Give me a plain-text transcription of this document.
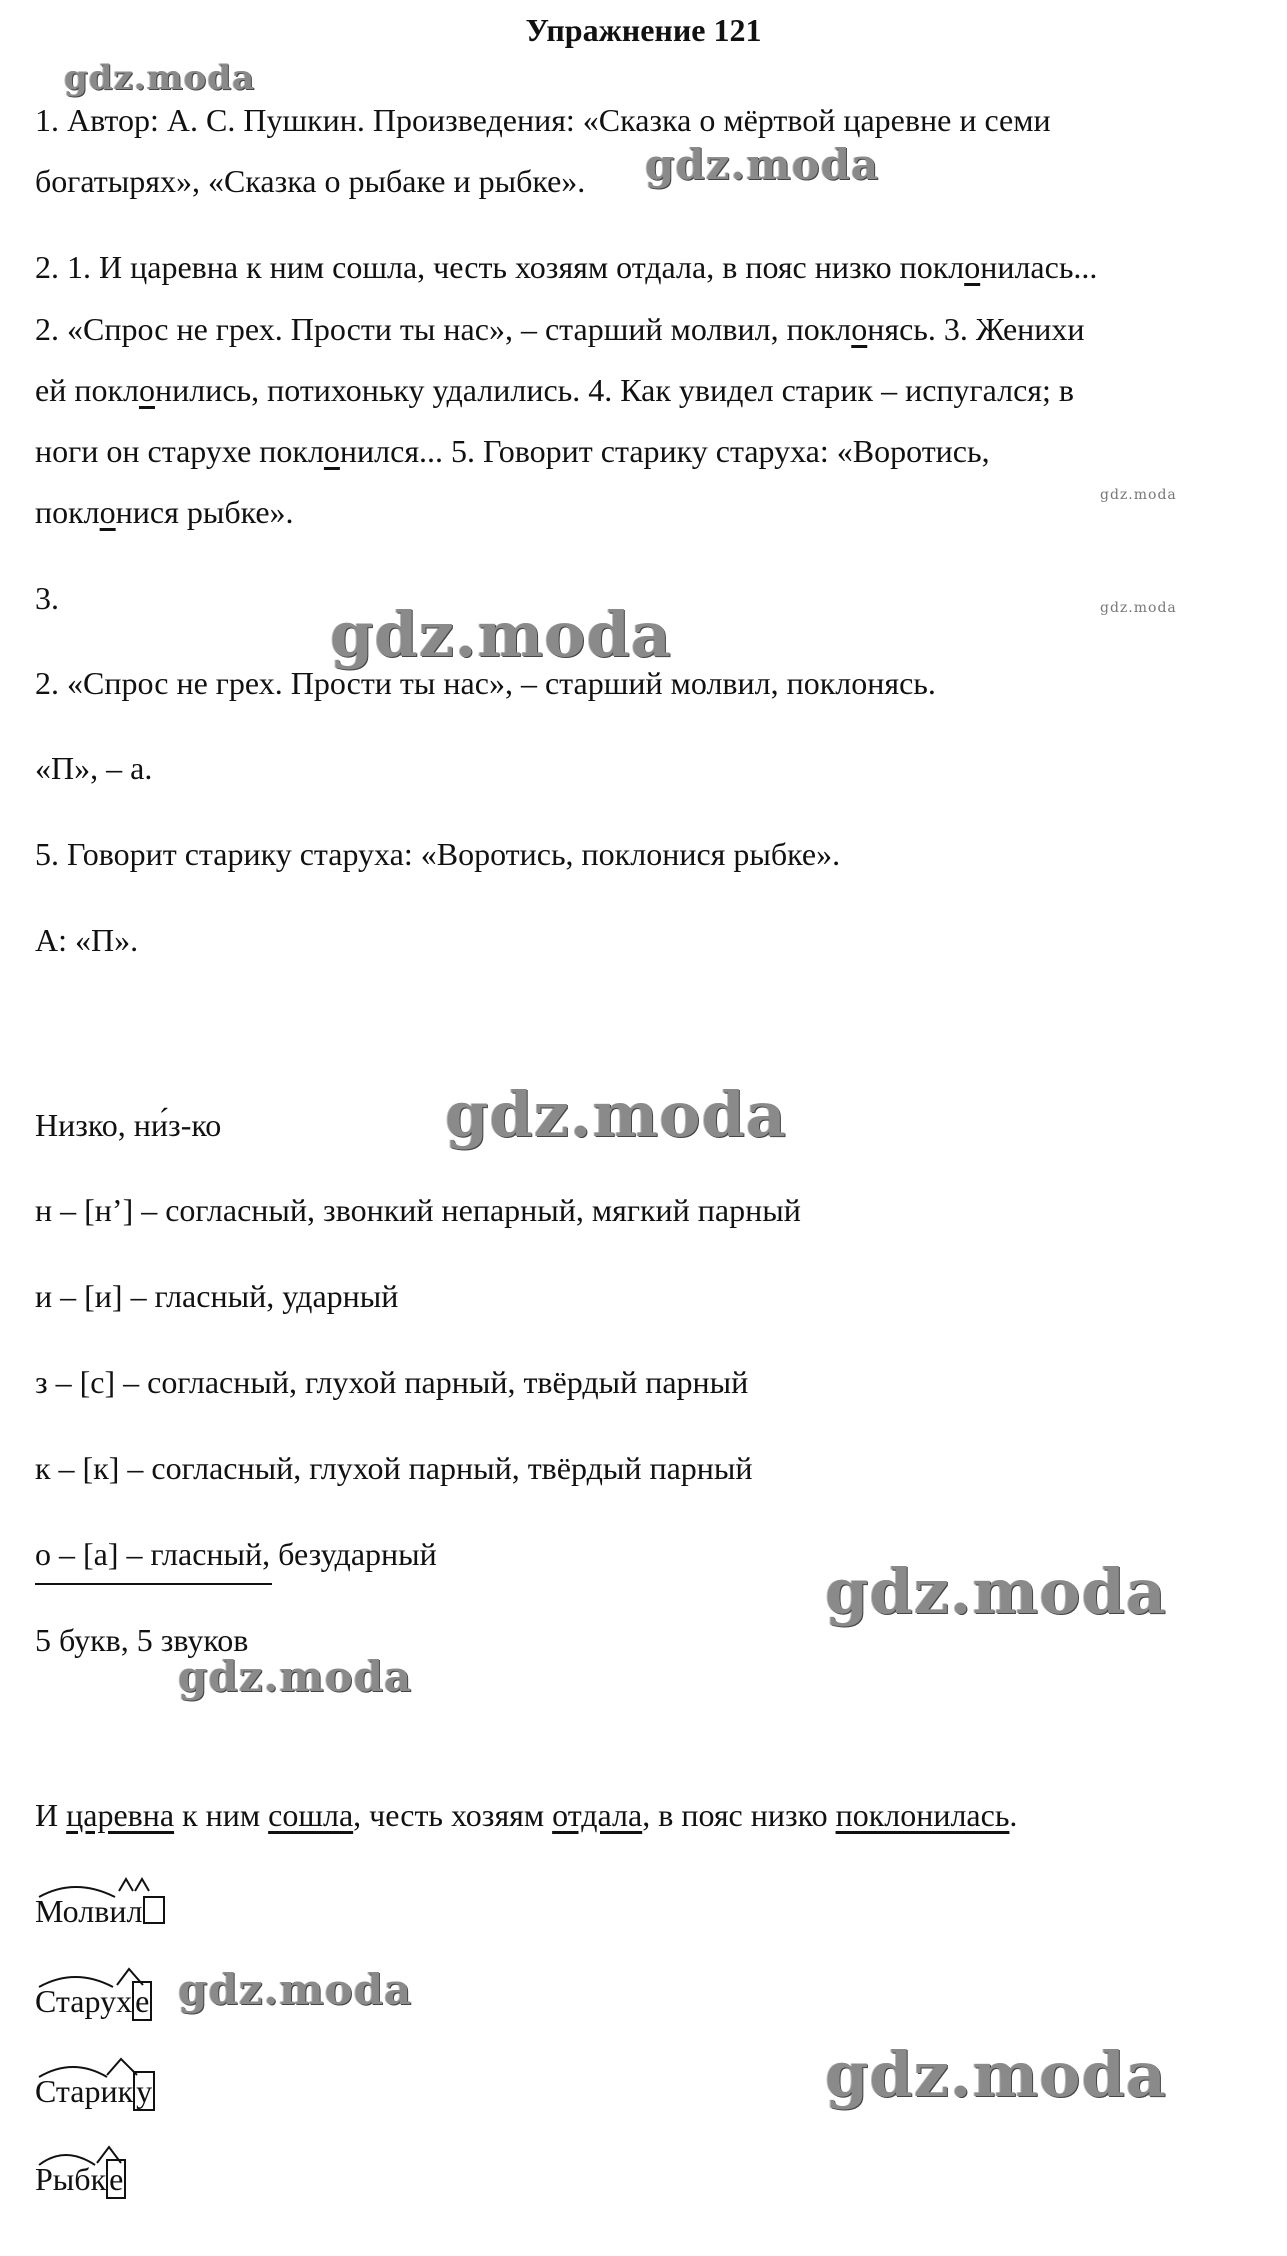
Упражнение 121
1. Автор: А. С. Пушкин. Произведения: «Сказка о мёртвой царевне и семи
богатырях», «Сказка о рыбаке и рыбке».
2. 1. И царевна к ним сошла, честь хозяям отдала, в пояс низко поклонилась...
2. «Спрос не грех. Прости ты нас», – старший молвил, поклонясь. 3. Женихи
ей поклонились, потихоньку удалились. 4. Как увидел старик – испугался; в
ноги он старухе поклонился... 5. Говорит старику старуха: «Воротись,
поклонися рыбке».
3.
2. «Спрос не грех. Прости ты нас», – старший молвил, поклонясь.
«П», – а.
5. Говорит старику старуха: «Воротись, поклонися рыбке».
А: «П».
Низко, ни́з-ко
н – [н’] – согласный, звонкий непарный, мягкий парный
и – [и] – гласный, ударный
з – [с] – согласный, глухой парный, твёрдый парный
к – [к] – согласный, глухой парный, твёрдый парный
о – [а] – гласный, безударный
5 букв, 5 звуков
И царевна к ним сошла, честь хозяям отдала, в пояс низко поклонилась.
Молвил
Старухе
Старику
Рыбке
gdz.moda
gdz.moda
gdz.moda
gdz.moda
gdz.moda
gdz.moda
gdz.moda
gdz.moda
gdz.moda
gdz.moda
